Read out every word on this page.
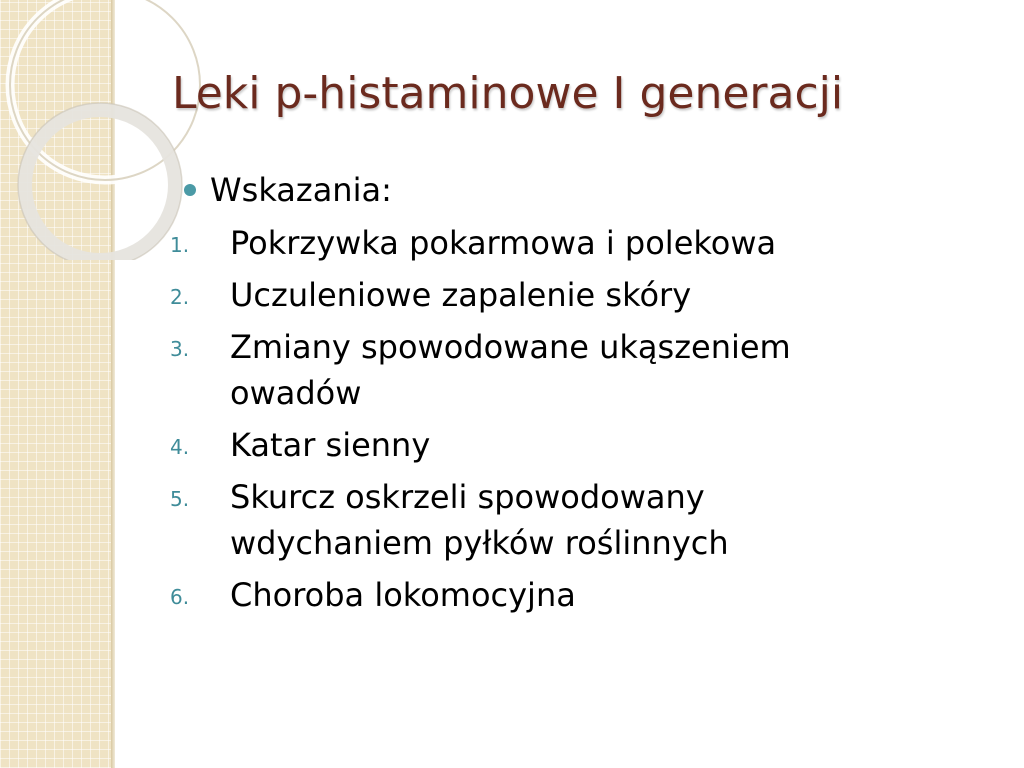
Leki p-histaminowe I generacji
Wskazania:
1.	Pokrzywka pokarmowa i polekowa
2.	Uczuleniowe zapalenie skóry
3.	Zmiany spowodowane ukąszeniem owadów
4.	Katar sienny
5.	Skurcz oskrzeli spowodowany wdychaniem pyłków roślinnych
6.	Choroba lokomocyjna
